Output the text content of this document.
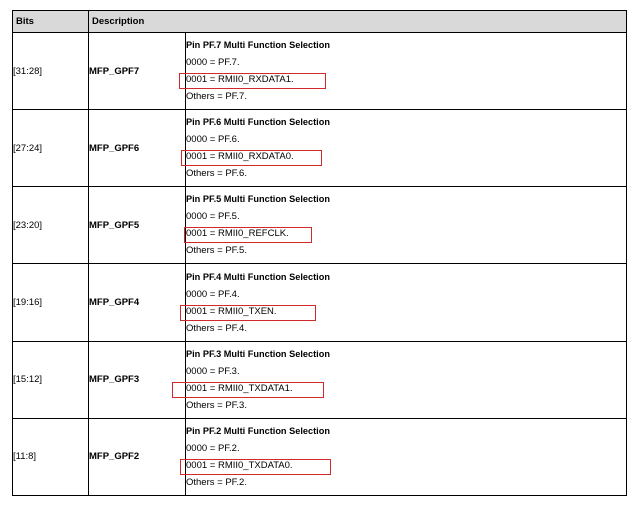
Bits	Description	
[31:28]	MFP_GPF7	Pin PF.7 Multi Function Selection
0000 = PF.7.
0001 = RMII0_RXDATA1.
Others = PF.7.

[27:24]	MFP_GPF6	Pin PF.6 Multi Function Selection
0000 = PF.6.
0001 = RMII0_RXDATA0.
Others = PF.6.

[23:20]	MFP_GPF5	Pin PF.5 Multi Function Selection
0000 = PF.5.
0001 = RMII0_REFCLK.
Others = PF.5.

[19:16]	MFP_GPF4	Pin PF.4 Multi Function Selection
0000 = PF.4.
0001 = RMII0_TXEN.
Others = PF.4.

[15:12]	MFP_GPF3	Pin PF.3 Multi Function Selection
0000 = PF.3.
0001 = RMII0_TXDATA1.
Others = PF.3.

[11:8]	MFP_GPF2	Pin PF.2 Multi Function Selection
0000 = PF.2.
0001 = RMII0_TXDATA0.
Others = PF.2.
